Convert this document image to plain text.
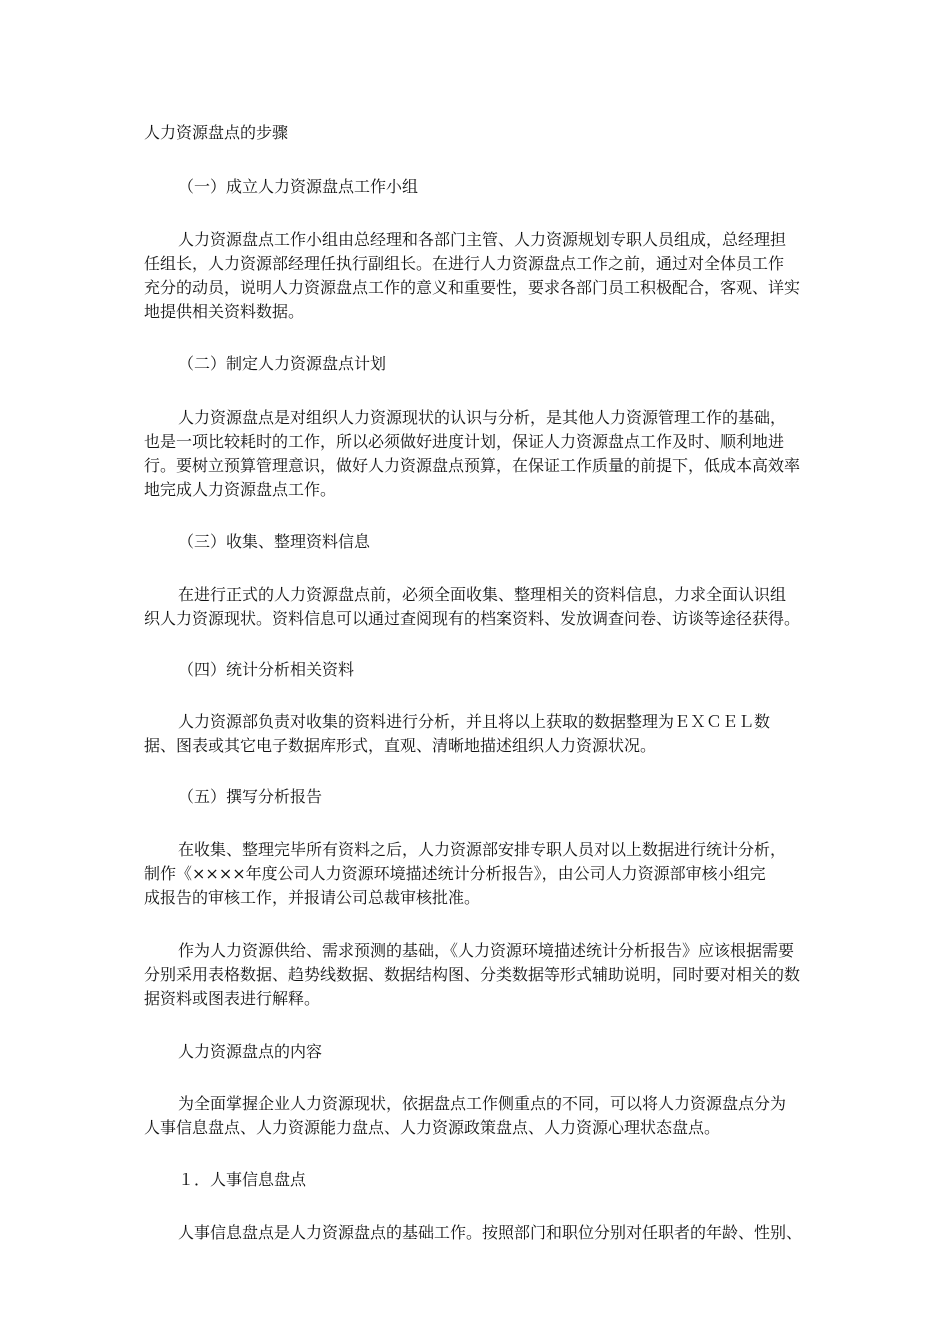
人力资源盘点的步骤
（一）成立人力资源盘点工作小组
人力资源盘点工作小组由总经理和各部门主管、人力资源规划专职人员组成，总经理担
任组长，人力资源部经理任执行副组长。在进行人力资源盘点工作之前，通过对全体员工作
充分的动员，说明人力资源盘点工作的意义和重要性，要求各部门员工积极配合，客观、详实
地提供相关资料数据。
（二）制定人力资源盘点计划
人力资源盘点是对组织人力资源现状的认识与分析，是其他人力资源管理工作的基础，
也是一项比较耗时的工作，所以必须做好进度计划，保证人力资源盘点工作及时、顺利地进
行。要树立预算管理意识，做好人力资源盘点预算，在保证工作质量的前提下，低成本高效率
地完成人力资源盘点工作。
（三）收集、整理资料信息
在进行正式的人力资源盘点前，必须全面收集、整理相关的资料信息，力求全面认识组
织人力资源现状。资料信息可以通过查阅现有的档案资料、发放调查问卷、访谈等途径获得。
（四）统计分析相关资料
人力资源部负责对收集的资料进行分析，并且将以上获取的数据整理为ＥＸＣＥＬ数
据、图表或其它电子数据库形式，直观、清晰地描述组织人力资源状况。
（五）撰写分析报告
在收集、整理完毕所有资料之后，人力资源部安排专职人员对以上数据进行统计分析，
制作《××××年度公司人力资源环境描述统计分析报告》，由公司人力资源部审核小组完
成报告的审核工作，并报请公司总裁审核批准。
作为人力资源供给、需求预测的基础，《人力资源环境描述统计分析报告》应该根据需要
分别采用表格数据、趋势线数据、数据结构图、分类数据等形式辅助说明，同时要对相关的数
据资料或图表进行解释。
人力资源盘点的内容
为全面掌握企业人力资源现状，依据盘点工作侧重点的不同，可以将人力资源盘点分为
人事信息盘点、人力资源能力盘点、人力资源政策盘点、人力资源心理状态盘点。
１．人事信息盘点
人事信息盘点是人力资源盘点的基础工作。按照部门和职位分别对任职者的年龄、性别、
